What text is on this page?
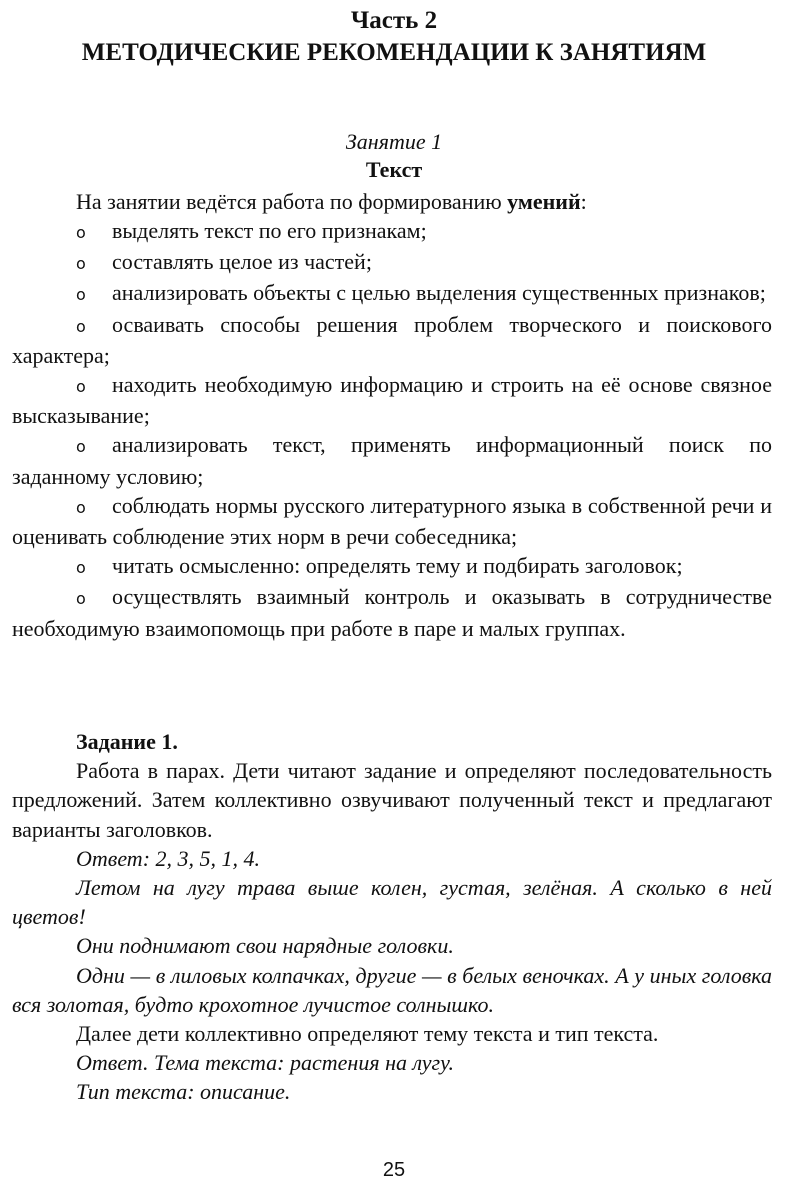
Часть 2
МЕТОДИЧЕСКИЕ РЕКОМЕНДАЦИИ К ЗАНЯТИЯМ
Занятие 1
Текст

На занятии ведётся работа по формированию умений:

o выделять текст по его признакам;

o составлять целое из частей;

o анализировать объекты с целью выделения существенных признаков;

o осваивать способы решения проблем творческого и поискового характера;

o находить необходимую информацию и строить на её основе связное высказывание;

o анализировать текст, применять информационный поиск по заданному условию;

o соблюдать нормы русского литературного языка в собственной речи и оценивать соблюдение этих норм в речи собеседника;

o читать осмысленно: определять тему и подбирать заголовок;

o осуществлять взаимный контроль и оказывать в сотрудничестве необходимую взаимопомощь при работе в паре и малых группах.

Задание 1.

Работа в парах. Дети читают задание и определяют последовательность предложений. Затем коллективно озвучивают полученный текст и предлагают варианты заголовков.

Ответ: 2, 3, 5, 1, 4.

Летом на лугу трава выше колен, густая, зелёная. А сколько в ней цветов!

Они поднимают свои нарядные головки.

Одни — в лиловых колпачках, другие — в белых веночках. А у иных головка вся золотая, будто крохотное лучистое солнышко.

Далее дети коллективно определяют тему текста и тип текста.

Ответ. Тема текста: растения на лугу.

Тип текста: описание.

25
